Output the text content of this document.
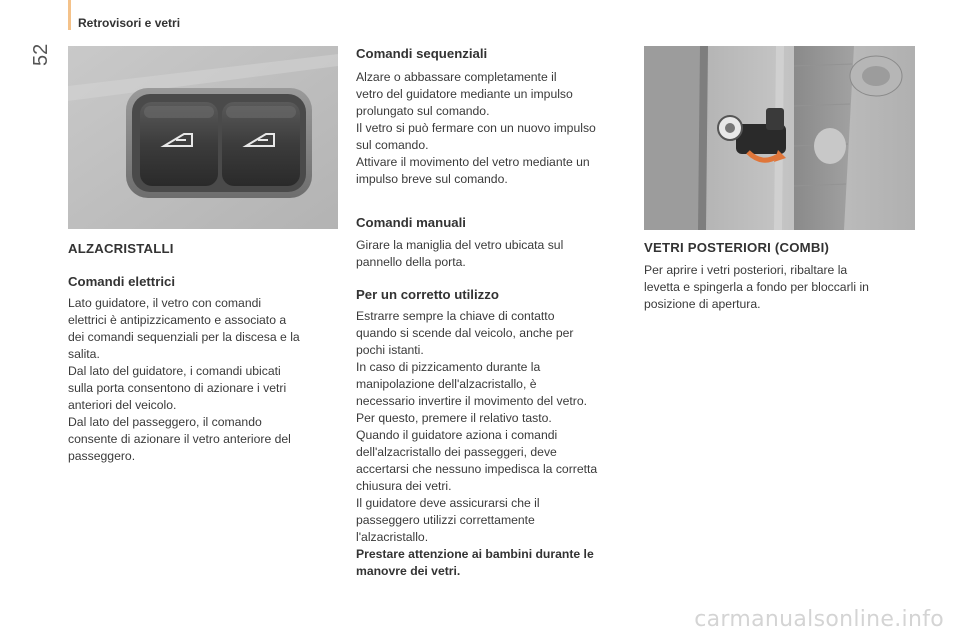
Retrovisori e vetri
52
ALZACRISTALLI
Comandi elettrici

Lato guidatore, il vetro con comandi

elettrici è antipizzicamento e associato a

dei comandi sequenziali per la discesa e la

salita.

Dal lato del guidatore, i comandi ubicati

sulla porta consentono di azionare i vetri

anteriori del veicolo.

Dal lato del passeggero, il comando

consente di azionare il vetro anteriore del

passeggero.

Comandi sequenziali

Alzare o abbassare completamente il

vetro del guidatore mediante un impulso

prolungato sul comando.

Il vetro si può fermare con un nuovo impulso

sul comando.

Attivare il movimento del vetro mediante un

impulso breve sul comando.

Comandi manuali

Girare la maniglia del vetro ubicata sul

pannello della porta.

Per un corretto utilizzo

Estrarre sempre la chiave di contatto

quando si scende dal veicolo, anche per

pochi istanti.

In caso di pizzicamento durante la

manipolazione dell'alzacristallo, è

necessario invertire il movimento del vetro.

Per questo, premere il relativo tasto.

Quando il guidatore aziona i comandi

dell'alzacristallo dei passeggeri, deve

accertarsi che nessuno impedisca la corretta

chiusura dei vetri.

Il guidatore deve assicurarsi che il

passeggero utilizzi correttamente

l'alzacristallo.

Prestare attenzione ai bambini durante le

manovre dei vetri.

VETRI POSTERIORI (COMBI)

Per aprire i vetri posteriori, ribaltare la

levetta e spingerla a fondo per bloccarli in

posizione di apertura.

carmanualsonline.info
